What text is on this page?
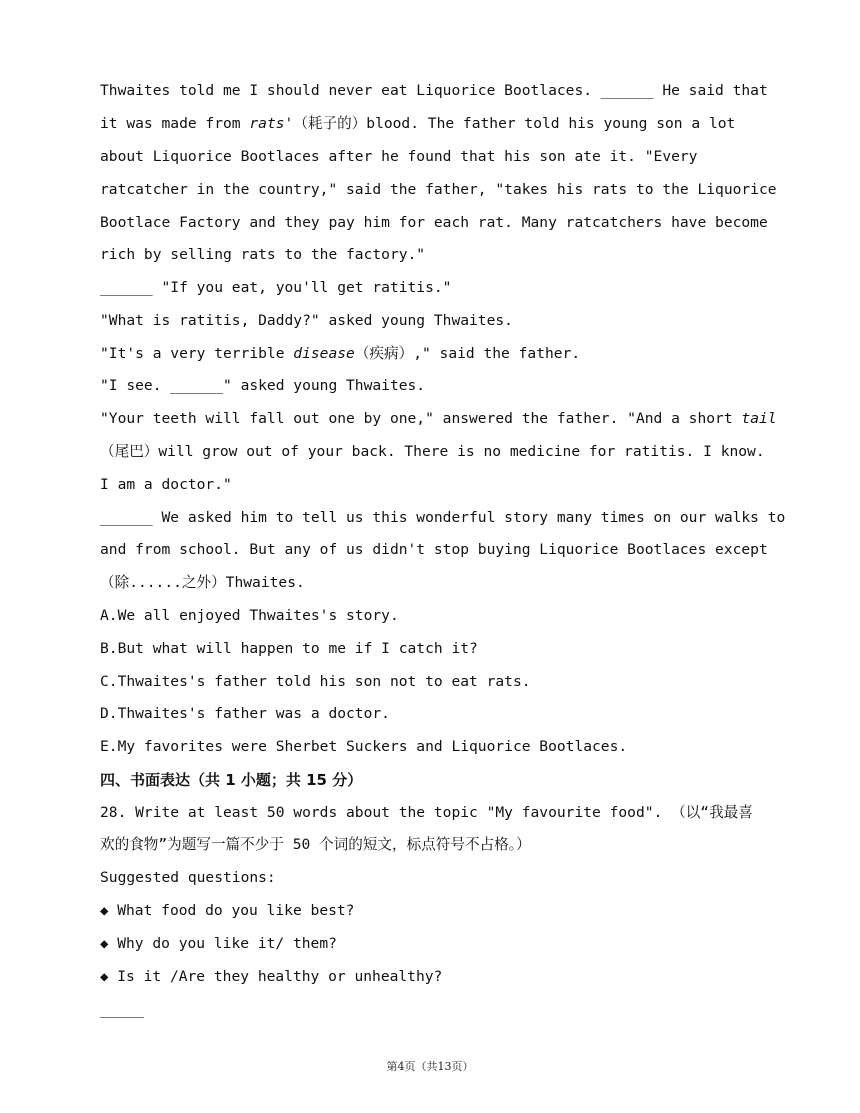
Thwaites told me I should never eat Liquorice Bootlaces. ______ He said that
it was made from rats'（耗子的）blood. The father told his young son a lot
about Liquorice Bootlaces after he found that his son ate it. "Every
ratcatcher in the country," said the father, "takes his rats to the Liquorice
Bootlace Factory and they pay him for each rat. Many ratcatchers have become
rich by selling rats to the factory."
______ "If you eat, you'll get ratitis."
"What is ratitis, Daddy?" asked young Thwaites.
"It's a very terrible disease（疾病）," said the father.
"I see. ______" asked young Thwaites.
"Your teeth will fall out one by one," answered the father. "And a short tail
（尾巴）will grow out of your back. There is no medicine for ratitis. I know.
I am a doctor."
______ We asked him to tell us this wonderful story many times on our walks to
and from school. But any of us didn't stop buying Liquorice Bootlaces except
（除......之外）Thwaites.
A.We all enjoyed Thwaites's story.
B.But what will happen to me if I catch it?
C.Thwaites's father told his son not to eat rats.
D.Thwaites's father was a doctor.
E.My favorites were Sherbet Suckers and Liquorice Bootlaces.
四、书面表达（共 1 小题；共 15 分）
28. Write at least 50 words about the topic "My favourite food". （以“我最喜
欢的食物”为题写一篇不少于 50 个词的短文，标点符号不占格。）
Suggested questions:
◆ What food do you like best?
◆ Why do you like it/ them?
◆ Is it /Are they healthy or unhealthy?
_____
第4页（共13页）
